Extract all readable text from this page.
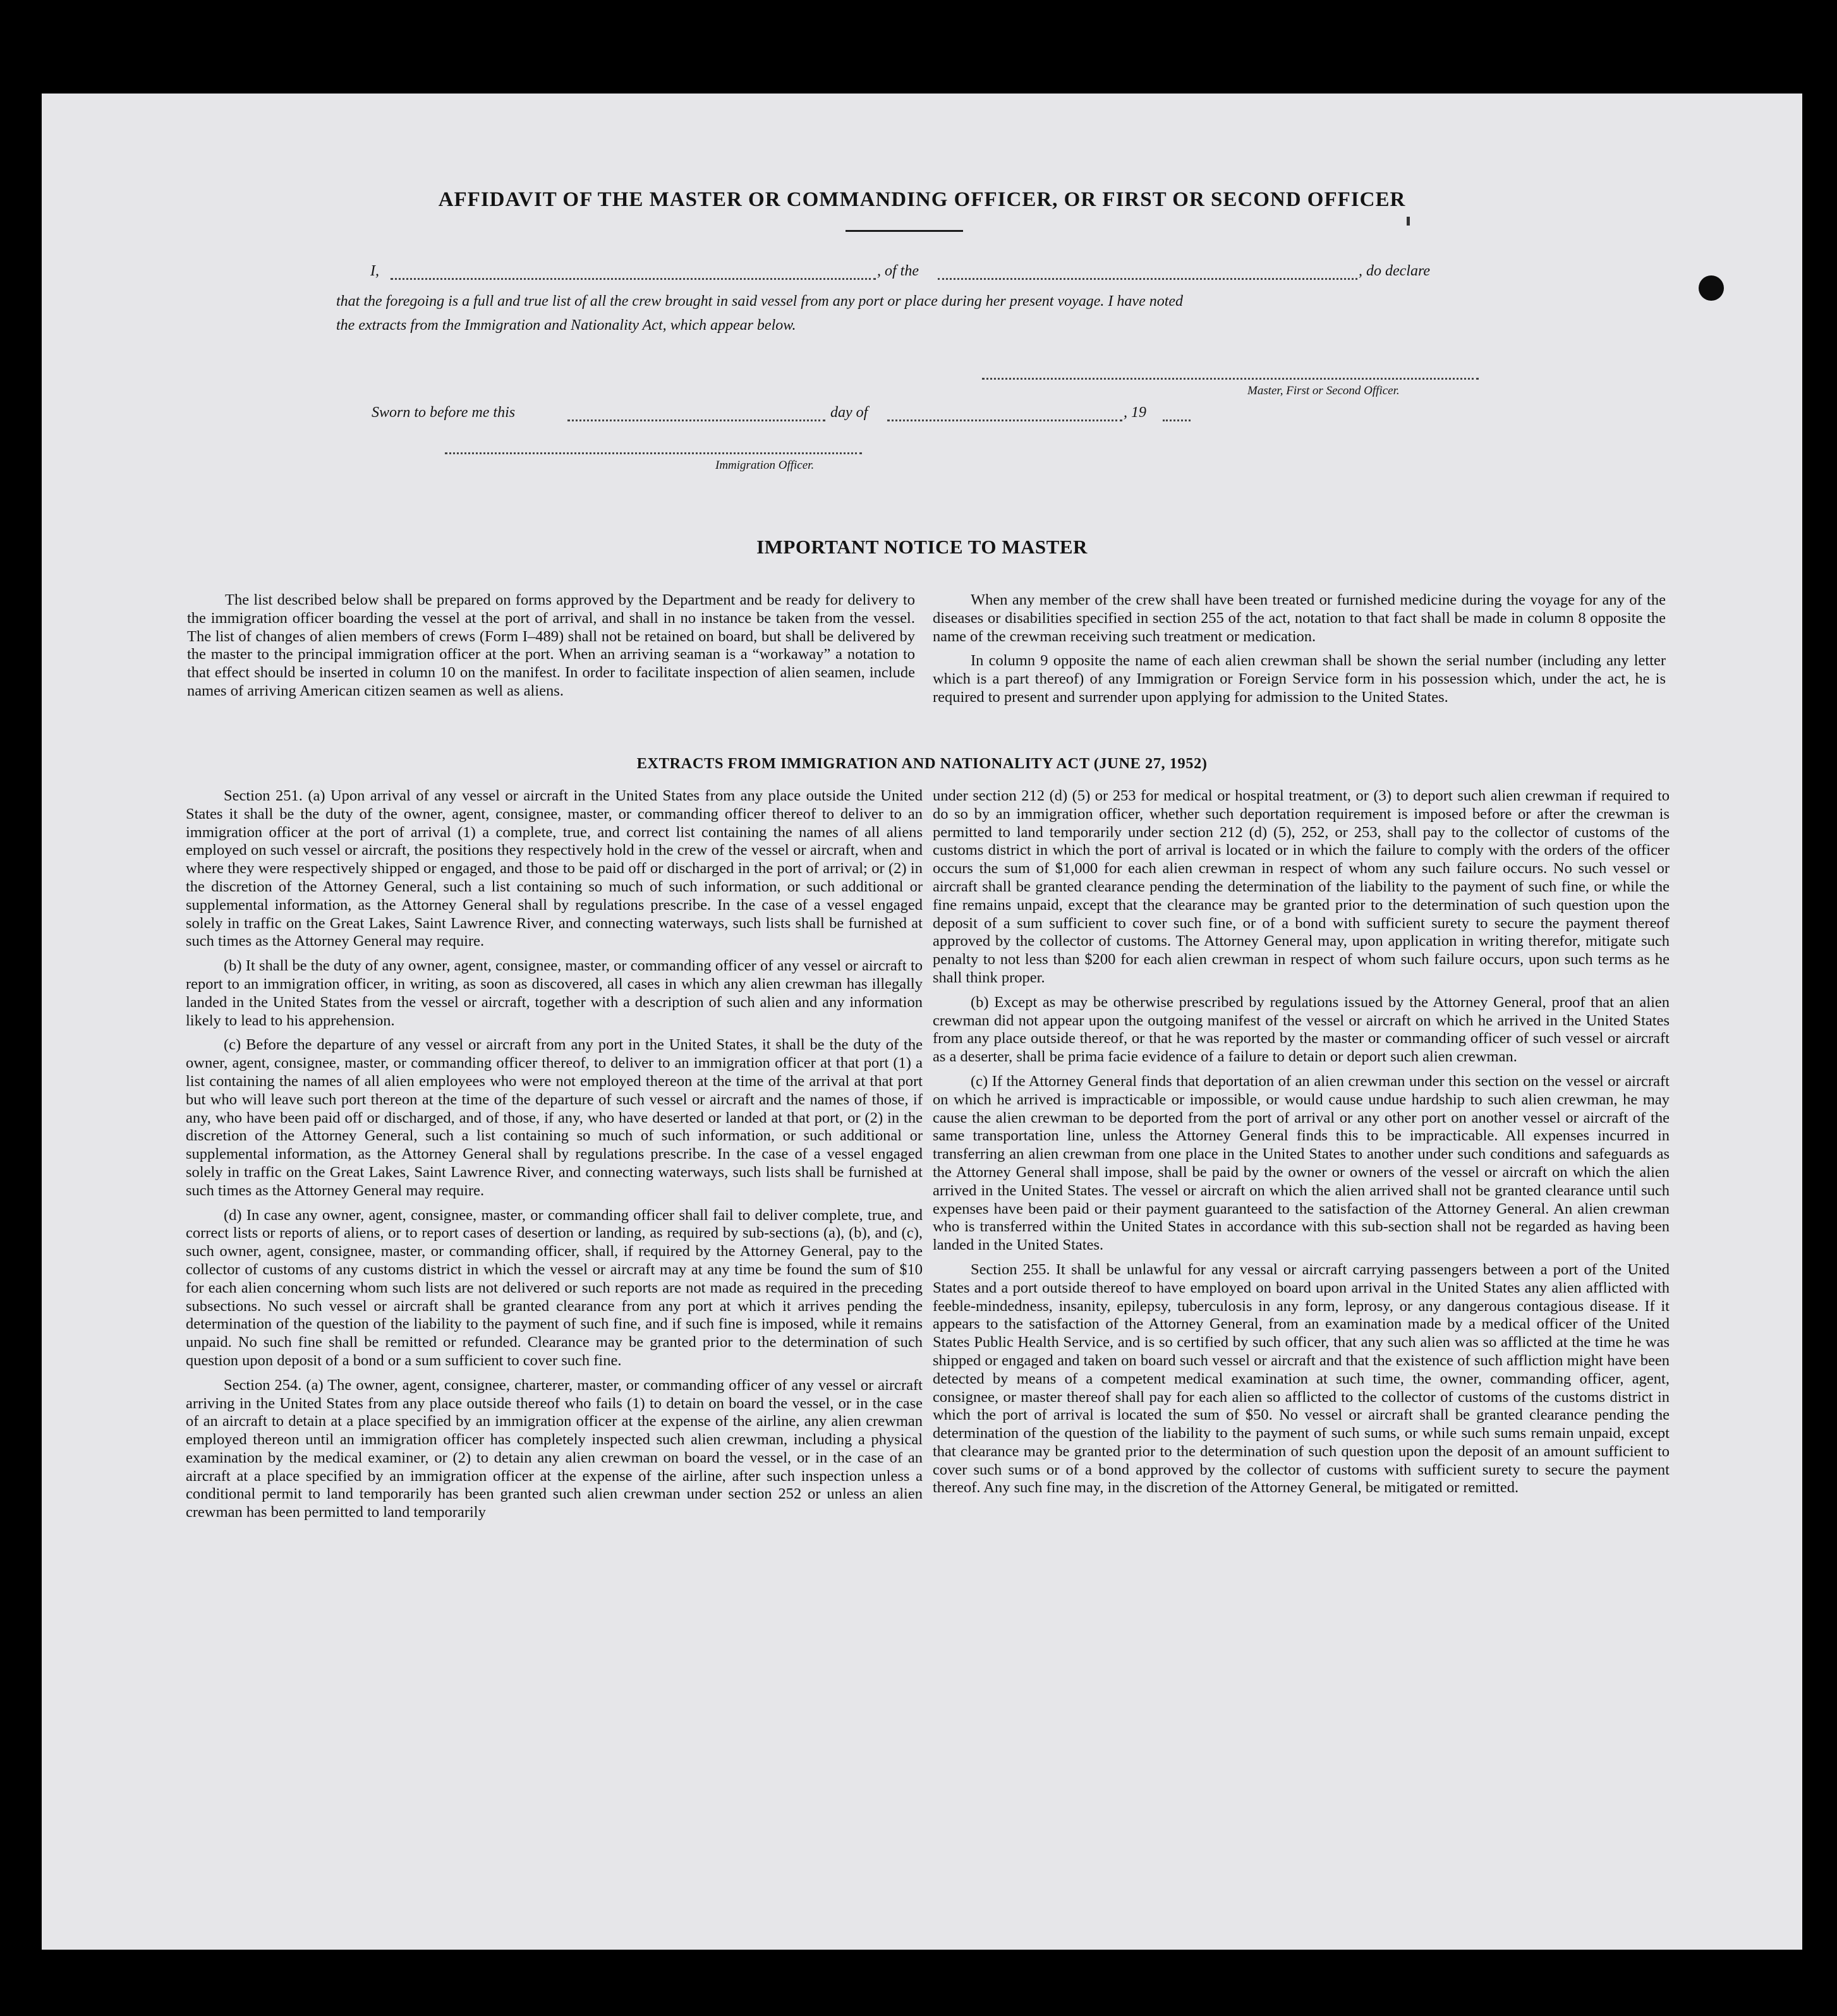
AFFIDAVIT OF THE MASTER OR COMMANDING OFFICER, OR FIRST OR SECOND OFFICER
I,	, of the	, do declare
that the foregoing is a full and true list of all the crew brought in said vessel from any port or place during her present voyage. I have noted
the extracts from the Immigration and Nationality Act, which appear below.
Master, First or Second Officer.
Sworn to before me this	day of	, 19
Immigration Officer.
IMPORTANT NOTICE TO MASTER

The list described below shall be prepared on forms approved by the Department and be ready for delivery to the immigration officer boarding the vessel at the port of arrival, and shall in no instance be taken from the vessel. The list of changes of alien members of crews (Form I–489) shall not be retained on board, but shall be delivered by the master to the principal immigration officer at the port. When an arriving seaman is a “workaway” a notation to that effect should be inserted in column 10 on the manifest. In order to facilitate inspection of alien seamen, include names of arriving American citizen seamen as well as aliens.

When any member of the crew shall have been treated or furnished medicine during the voyage for any of the diseases or disabilities specified in section 255 of the act, notation to that fact shall be made in column 8 opposite the name of the crewman receiving such treatment or medication.

In column 9 opposite the name of each alien crewman shall be shown the serial number (including any letter which is a part thereof) of any Immigration or Foreign Service form in his possession which, under the act, he is required to present and surrender upon applying for admission to the United States.

EXTRACTS FROM IMMIGRATION AND NATIONALITY ACT (JUNE 27, 1952)

Section 251. (a) Upon arrival of any vessel or aircraft in the United States from any place outside the United States it shall be the duty of the owner, agent, consignee, master, or commanding officer thereof to deliver to an immigration officer at the port of arrival (1) a complete, true, and correct list containing the names of all aliens employed on such vessel or aircraft, the positions they respectively hold in the crew of the vessel or aircraft, when and where they were respectively shipped or engaged, and those to be paid off or discharged in the port of arrival; or (2) in the discretion of the Attorney General, such a list containing so much of such information, or such additional or supplemental information, as the Attorney General shall by regulations prescribe. In the case of a vessel engaged solely in traffic on the Great Lakes, Saint Lawrence River, and connecting waterways, such lists shall be furnished at such times as the Attorney General may require.

(b) It shall be the duty of any owner, agent, consignee, master, or commanding officer of any vessel or aircraft to report to an immigration officer, in writing, as soon as discovered, all cases in which any alien crewman has illegally landed in the United States from the vessel or aircraft, together with a description of such alien and any information likely to lead to his apprehension.

(c) Before the departure of any vessel or aircraft from any port in the United States, it shall be the duty of the owner, agent, consignee, master, or commanding officer thereof, to deliver to an immigration officer at that port (1) a list containing the names of all alien employees who were not employed thereon at the time of the arrival at that port but who will leave such port thereon at the time of the departure of such vessel or aircraft and the names of those, if any, who have been paid off or discharged, and of those, if any, who have deserted or landed at that port, or (2) in the discretion of the Attorney General, such a list containing so much of such information, or such additional or supplemental information, as the Attorney General shall by regulations prescribe. In the case of a vessel engaged solely in traffic on the Great Lakes, Saint Lawrence River, and connecting waterways, such lists shall be furnished at such times as the Attorney General may require.

(d) In case any owner, agent, consignee, master, or commanding officer shall fail to deliver complete, true, and correct lists or reports of aliens, or to report cases of desertion or landing, as required by sub-sections (a), (b), and (c), such owner, agent, consignee, master, or commanding officer, shall, if required by the Attorney General, pay to the collector of customs of any customs district in which the vessel or aircraft may at any time be found the sum of $10 for each alien concerning whom such lists are not delivered or such reports are not made as required in the preceding subsections. No such vessel or aircraft shall be granted clearance from any port at which it arrives pending the determination of the question of the liability to the payment of such fine, and if such fine is imposed, while it remains unpaid. No such fine shall be remitted or refunded. Clearance may be granted prior to the determination of such question upon deposit of a bond or a sum sufficient to cover such fine.

Section 254. (a) The owner, agent, consignee, charterer, master, or commanding officer of any vessel or aircraft arriving in the United States from any place outside thereof who fails (1) to detain on board the vessel, or in the case of an aircraft to detain at a place specified by an immigration officer at the expense of the airline, any alien crewman employed thereon until an immigration officer has completely inspected such alien crewman, including a physical examination by the medical examiner, or (2) to detain any alien crewman on board the vessel, or in the case of an aircraft at a place specified by an immigration officer at the expense of the airline, after such inspection unless a conditional permit to land temporarily has been granted such alien crewman under section 252 or unless an alien crewman has been permitted to land temporarily

under section 212 (d) (5) or 253 for medical or hospital treatment, or (3) to deport such alien crewman if required to do so by an immigration officer, whether such deportation requirement is imposed before or after the crewman is permitted to land temporarily under section 212 (d) (5), 252, or 253, shall pay to the collector of customs of the customs district in which the port of arrival is located or in which the failure to comply with the orders of the officer occurs the sum of $1,000 for each alien crewman in respect of whom any such failure occurs. No such vessel or aircraft shall be granted clearance pending the determination of the liability to the payment of such fine, or while the fine remains unpaid, except that the clearance may be granted prior to the determination of such question upon the deposit of a sum sufficient to cover such fine, or of a bond with sufficient surety to secure the payment thereof approved by the collector of customs. The Attorney General may, upon application in writing therefor, mitigate such penalty to not less than $200 for each alien crewman in respect of whom such failure occurs, upon such terms as he shall think proper.

(b) Except as may be otherwise prescribed by regulations issued by the Attorney General, proof that an alien crewman did not appear upon the outgoing manifest of the vessel or aircraft on which he arrived in the United States from any place outside thereof, or that he was reported by the master or commanding officer of such vessel or aircraft as a deserter, shall be prima facie evidence of a failure to detain or deport such alien crewman.

(c) If the Attorney General finds that deportation of an alien crewman under this section on the vessel or aircraft on which he arrived is impracticable or impossible, or would cause undue hardship to such alien crewman, he may cause the alien crewman to be deported from the port of arrival or any other port on another vessel or aircraft of the same transportation line, unless the Attorney General finds this to be impracticable. All expenses incurred in transferring an alien crewman from one place in the United States to another under such conditions and safeguards as the Attorney General shall impose, shall be paid by the owner or owners of the vessel or aircraft on which the alien arrived in the United States. The vessel or aircraft on which the alien arrived shall not be granted clearance until such expenses have been paid or their payment guaranteed to the satisfaction of the Attorney General. An alien crewman who is transferred within the United States in accordance with this sub-section shall not be regarded as having been landed in the United States.

Section 255. It shall be unlawful for any vessal or aircraft carrying passengers between a port of the United States and a port outside thereof to have employed on board upon arrival in the United States any alien afflicted with feeble-mindedness, insanity, epilepsy, tuberculosis in any form, leprosy, or any dangerous contagious disease. If it appears to the satisfaction of the Attorney General, from an examination made by a medical officer of the United States Public Health Service, and is so certified by such officer, that any such alien was so afflicted at the time he was shipped or engaged and taken on board such vessel or aircraft and that the existence of such affliction might have been detected by means of a competent medical examination at such time, the owner, commanding officer, agent, consignee, or master thereof shall pay for each alien so afflicted to the collector of customs of the customs district in which the port of arrival is located the sum of $50. No vessel or aircraft shall be granted clearance pending the determination of the question of the liability to the payment of such sums, or while such sums remain unpaid, except that clearance may be granted prior to the determination of such question upon the deposit of an amount sufficient to cover such sums or of a bond approved by the collector of customs with sufficient surety to secure the payment thereof. Any such fine may, in the discretion of the Attorney General, be mitigated or remitted.
